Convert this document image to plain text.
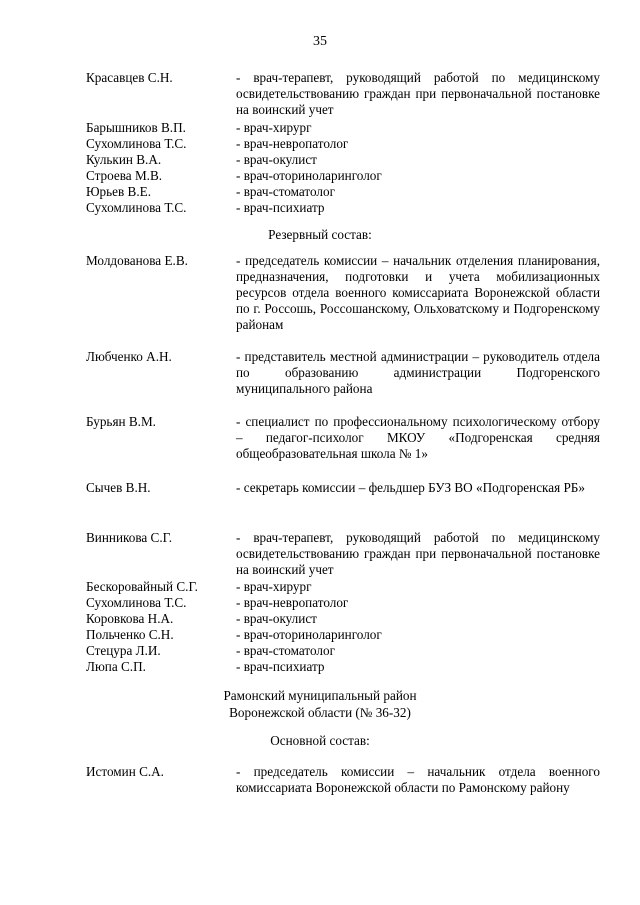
35
Красавцев С.Н.	- врач-терапевт, руководящий работой по медицинскому освидетельствованию граждан при первоначальной постановке на воинский учет
Барышников В.П.	- врач-хирург
Сухомлинова Т.С.	- врач-невропатолог
Кулькин В.А.	- врач-окулист
Строева М.В.	- врач-оториноларинголог
Юрьев В.Е.	- врач-стоматолог
Сухомлинова Т.С.	- врач-психиатр
Резервный состав:
Молдованова Е.В.	- председатель комиссии – начальник отделения планирования, предназначения, подготовки и учета мобилизационных ресурсов отдела военного комиссариата Воронежской области по г. Россошь, Россошанскому, Ольховатскому и Подгоренскому районам
Любченко А.Н.	- представитель местной администрации – руководитель отдела по образованию администрации Подгоренского муниципального района
Бурьян В.М.	- специалист по профессиональному психологическому отбору – педагог-психолог МКОУ «Подгоренская средняя общеобразовательная школа № 1»
Сычев В.Н.	- секретарь комиссии – фельдшер БУЗ ВО «Подгоренская РБ»
Винникова С.Г.	- врач-терапевт, руководящий работой по медицинскому освидетельствованию граждан при первоначальной постановке на воинский учет
Бескоровайный С.Г.	- врач-хирург
Сухомлинова Т.С.	- врач-невропатолог
Коровкова Н.А.	- врач-окулист
Польченко С.Н.	- врач-оториноларинголог
Стецура Л.И.	- врач-стоматолог
Люпа С.П.	- врач-психиатр
Рамонский муниципальный район
Воронежской области (№ 36-32)
Основной состав:
Истомин С.А.	- председатель комиссии – начальник отдела военного комиссариата Воронежской области по Рамонскому району
